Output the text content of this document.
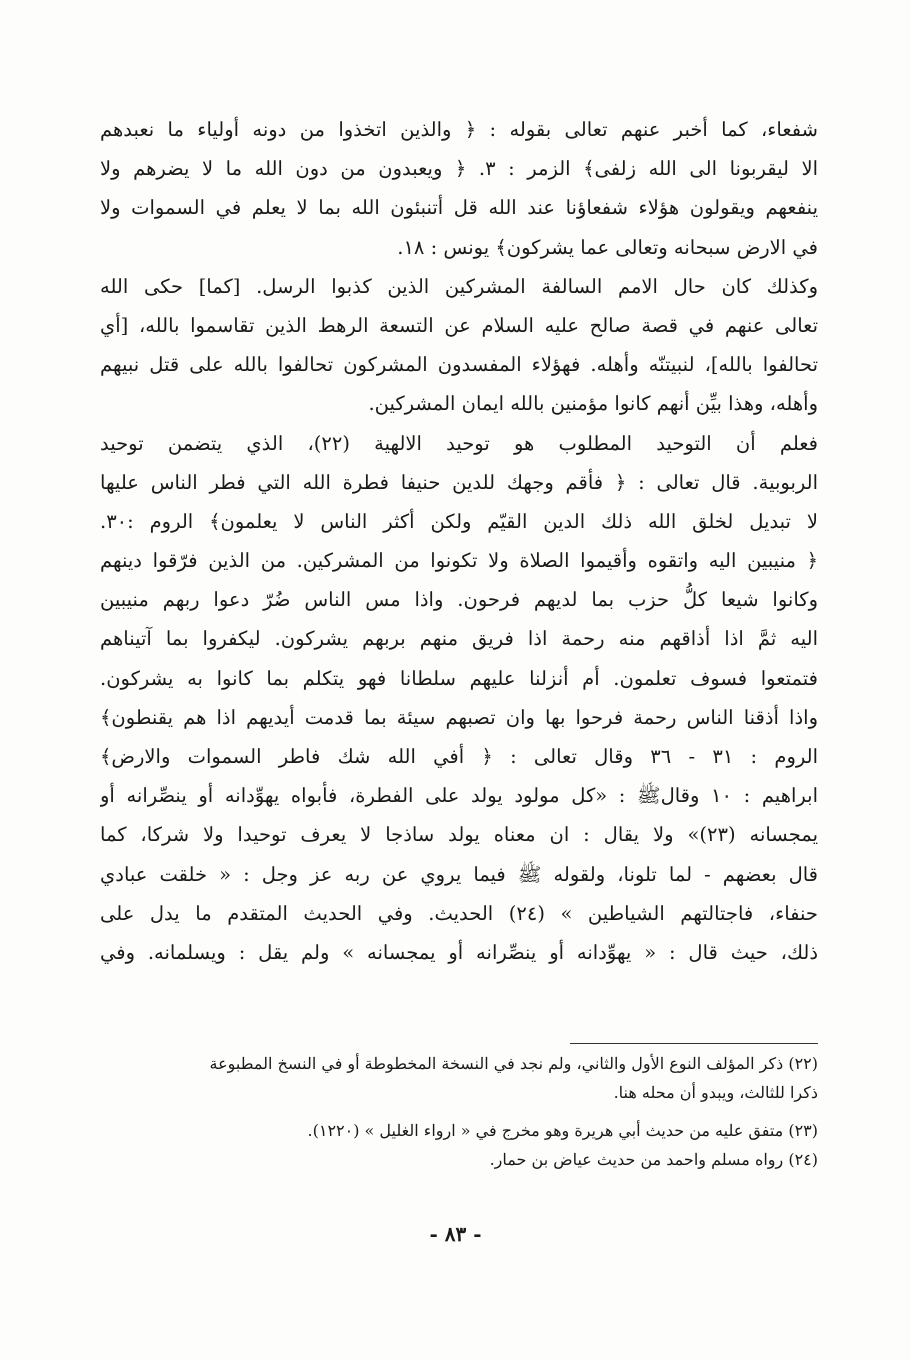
شفعاء، كما أخبر عنهم تعالى بقوله : ﴿ والذين اتخذوا من دونه أولياء ما نعبدهم
الا ليقربونا الى الله زلفى﴾ الزمر : ٣. ﴿ ويعبدون من دون الله ما لا يضرهم ولا
ينفعهم ويقولون هؤلاء شفعاؤنا عند الله قل أتنبئون الله بما لا يعلم في السموات ولا
في الارض سبحانه وتعالى عما يشركون﴾ يونس : ١٨.
وكذلك كان حال الامم السالفة المشركين الذين كذبوا الرسل. [كما] حكى الله
تعالى عنهم في قصة صالح عليه السلام عن التسعة الرهط الذين تقاسموا بالله، [أي
تحالفوا بالله]، لنبيتنّه وأهله. فهؤلاء المفسدون المشركون تحالفوا بالله على قتل نبيهم
وأهله، وهذا بيِّن أنهم كانوا مؤمنين بالله ايمان المشركين.
فعلم أن التوحيد المطلوب هو توحيد الالهية (٢٢)، الذي يتضمن توحيد
الربوبية. قال تعالى : ﴿ فأقم وجهك للدين حنيفا فطرة الله التي فطر الناس عليها
لا تبديل لخلق الله ذلك الدين القيّم ولكن أكثر الناس لا يعلمون﴾ الروم :٣٠.
﴿ منيبين اليه واتقوه وأقيموا الصلاة ولا تكونوا من المشركين. من الذين فرّقوا دينهم
وكانوا شيعا كلُّ حزب بما لديهم فرحون. واذا مس الناس ضُرّ دعوا ربهم منيبين
اليه ثمَّ اذا أذاقهم منه رحمة اذا فريق منهم بربهم يشركون. ليكفروا بما آتيناهم
فتمتعوا فسوف تعلمون. أم أنزلنا عليهم سلطانا فهو يتكلم بما كانوا به يشركون.
واذا أذقنا الناس رحمة فرحوا بها وان تصبهم سيئة بما قدمت أيديهم اذا هم يقنطون﴾
الروم : ٣١ - ٣٦ وقال تعالى : ﴿ أفي الله شك فاطر السموات والارض﴾
ابراهيم : ١٠ وقالﷺ : «كل مولود يولد على الفطرة، فأبواه يهوِّدانه أو ينصِّرانه أو
يمجسانه (٢٣)» ولا يقال : ان معناه يولد ساذجا لا يعرف توحيدا ولا شركا، كما
قال بعضهم - لما تلونا، ولقوله ﷺ فيما يروي عن ربه عز وجل : « خلقت عبادي
حنفاء، فاجتالتهم الشياطين » (٢٤) الحديث. وفي الحديث المتقدم ما يدل على
ذلك، حيث قال : « يهوِّدانه أو ينصِّرانه أو يمجسانه » ولم يقل : ويسلمانه. وفي
(٢٢) ذكر المؤلف النوع الأول والثاني، ولم نجد في النسخة المخطوطة أو في النسخ المطبوعة
ذكرا للثالث، ويبدو أن محله هنا.
(٢٣) متفق عليه من حديث أبي هريرة وهو مخرج في « ارواء الغليل » (١٢٢٠).
(٢٤) رواه مسلم واحمد من حديث عياض بن حمار.
- ٨٣ -
